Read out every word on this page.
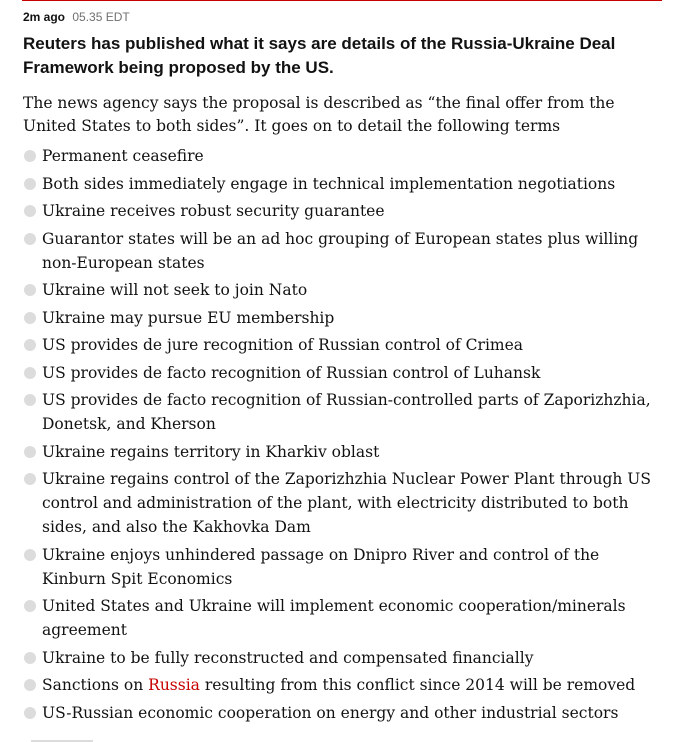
2m ago 05.35 EDT
Reuters has published what it says are details of the Russia-Ukraine Deal Framework being proposed by the US.

The news agency says the proposal is described as “the final offer from the United States to both sides”. It goes on to detail the following terms

Permanent ceasefire
Both sides immediately engage in technical implementation negotiations
Ukraine receives robust security guarantee
Guarantor states will be an ad hoc grouping of European states plus willing non-European states
Ukraine will not seek to join Nato
Ukraine may pursue EU membership
US provides de jure recognition of Russian control of Crimea
US provides de facto recognition of Russian control of Luhansk
US provides de facto recognition of Russian-controlled parts of Zaporizhzhia, Donetsk, and Kherson
Ukraine regains territory in Kharkiv oblast
Ukraine regains control of the Zaporizhzhia Nuclear Power Plant through US control and administration of the plant, with electricity distributed to both sides, and also the Kakhovka Dam
Ukraine enjoys unhindered passage on Dnipro River and control of the Kinburn Spit Economics
United States and Ukraine will implement economic cooperation/minerals agreement
Ukraine to be fully reconstructed and compensated financially
Sanctions on Russia resulting from this conflict since 2014 will be removed
US-Russian economic cooperation on energy and other industrial sectors
